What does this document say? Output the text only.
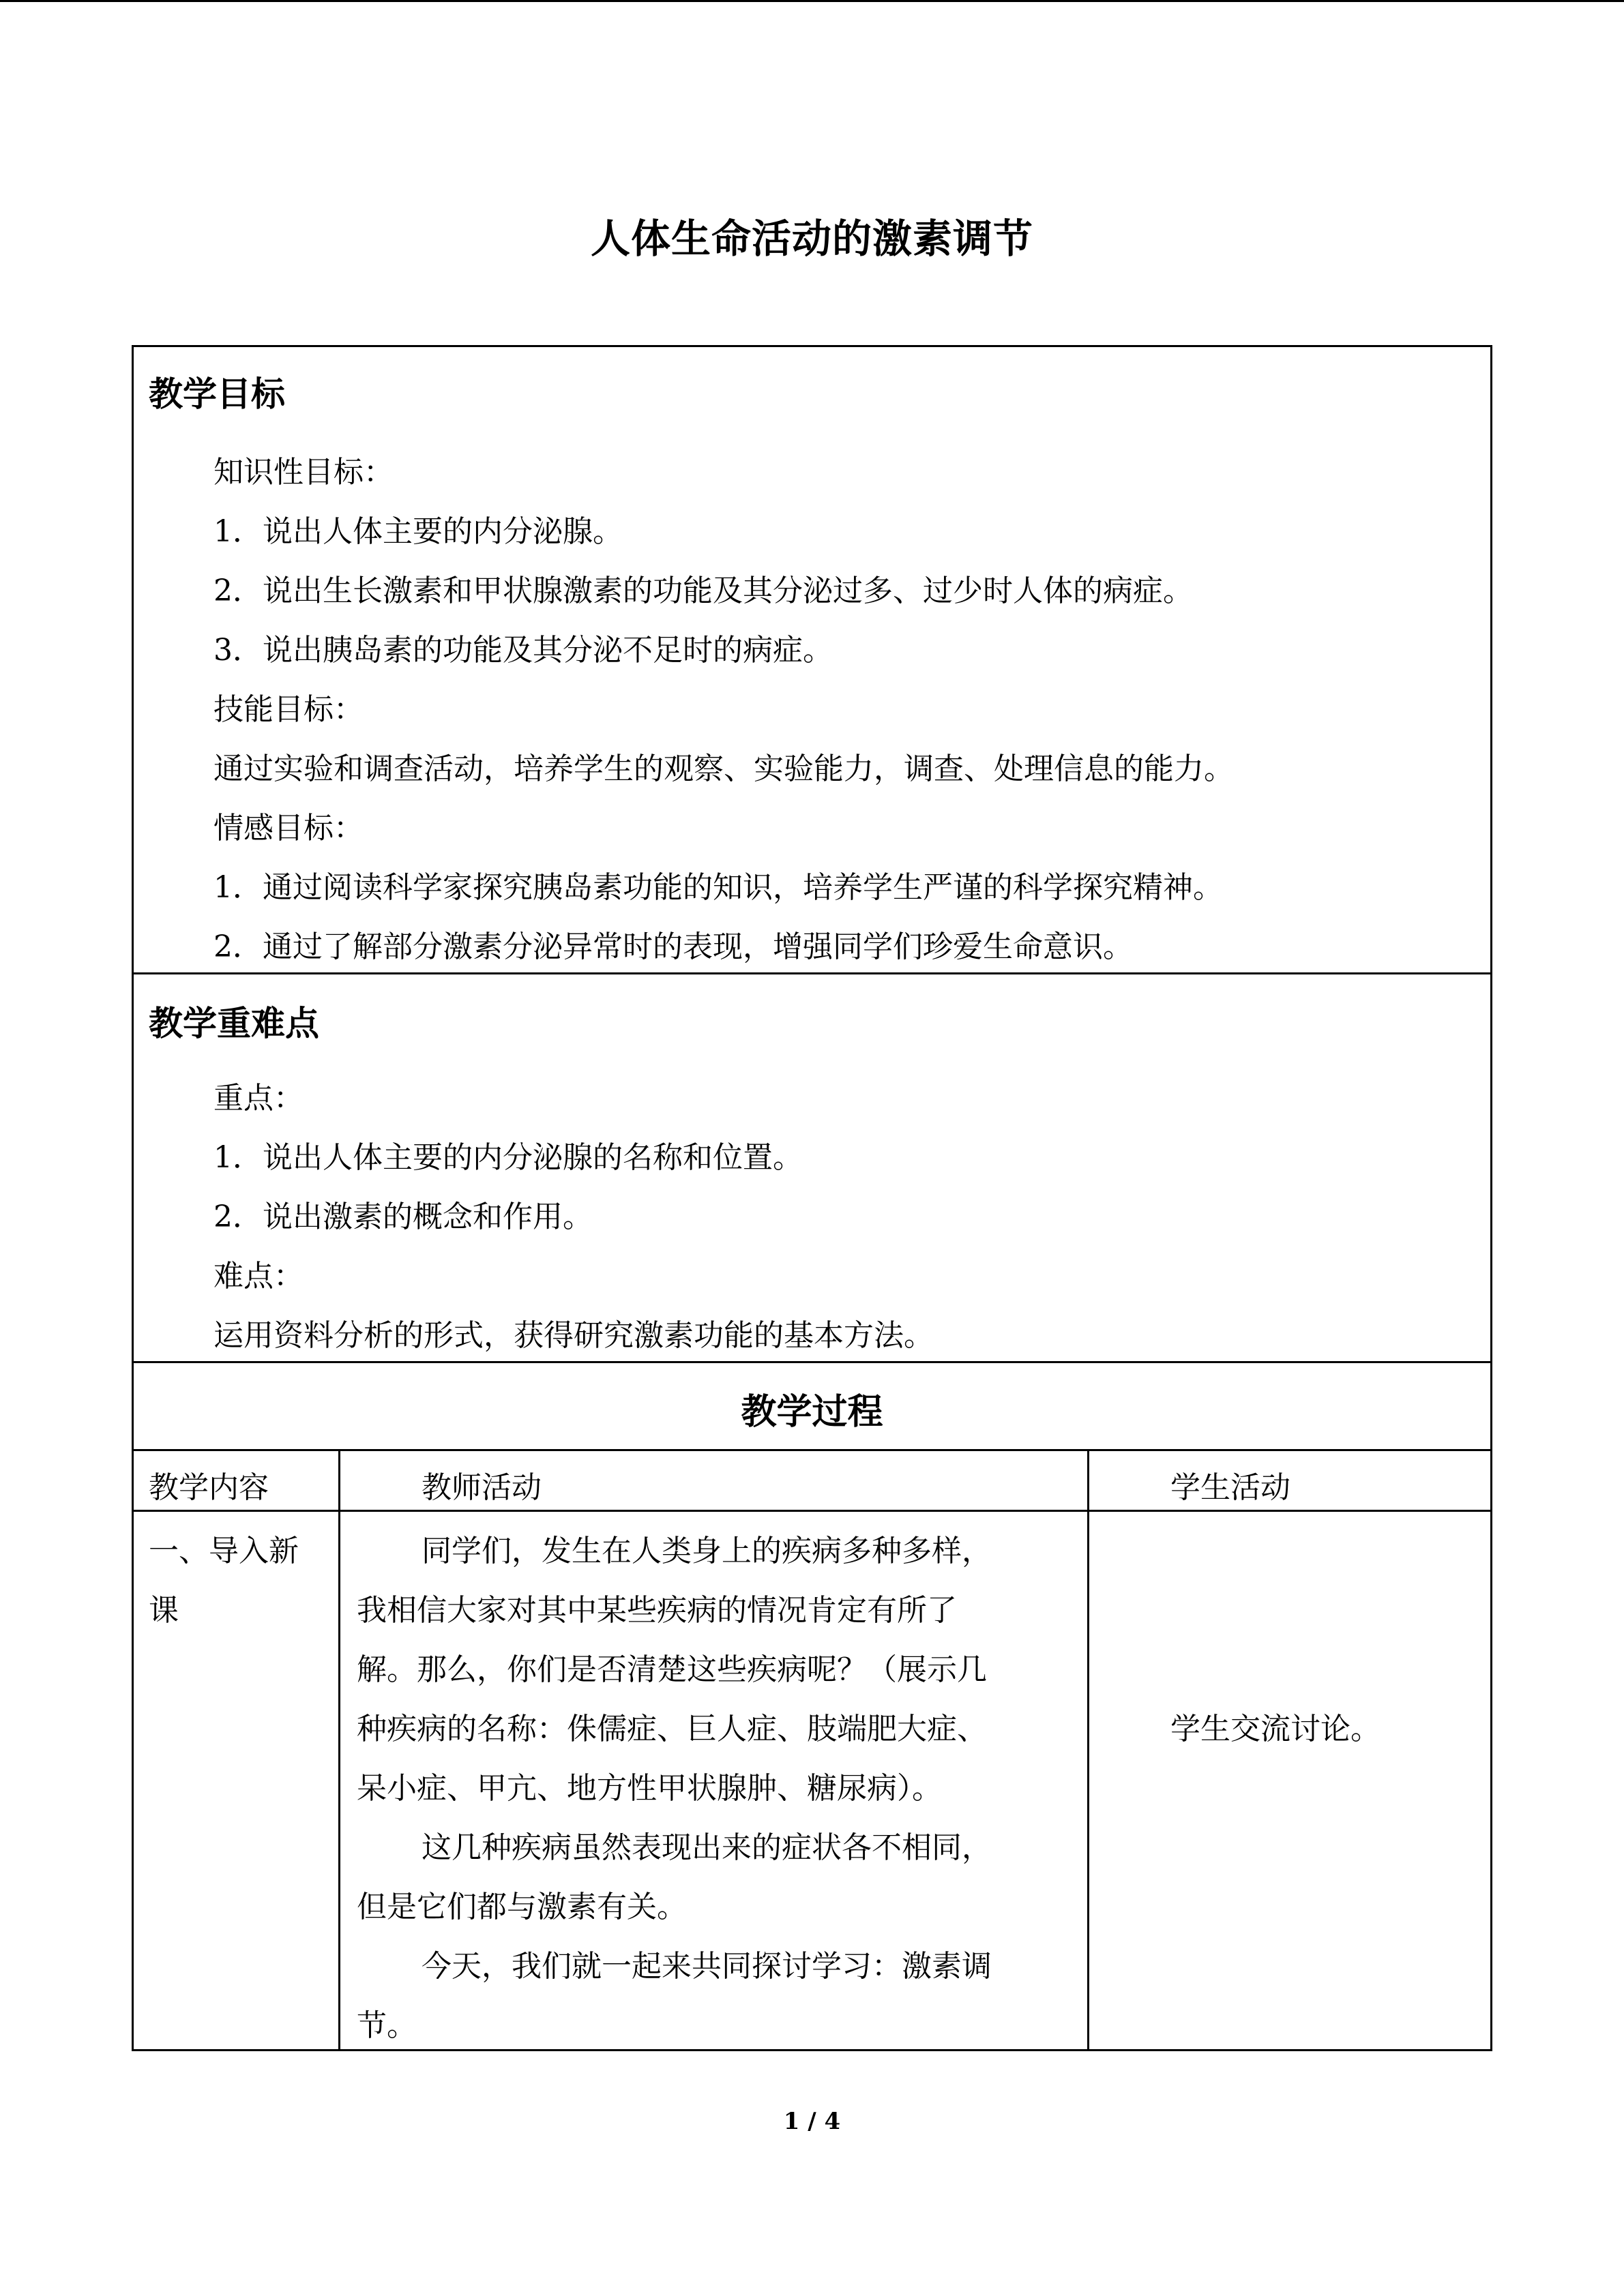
人体生命活动的激素调节
教学目标
知识性目标：
1．说出人体主要的内分泌腺。
2．说出生长激素和甲状腺激素的功能及其分泌过多、过少时人体的病症。
3．说出胰岛素的功能及其分泌不足时的病症。
技能目标：
通过实验和调查活动，培养学生的观察、实验能力，调查、处理信息的能力。
情感目标：
1．通过阅读科学家探究胰岛素功能的知识，培养学生严谨的科学探究精神。
2．通过了解部分激素分泌异常时的表现，增强同学们珍爱生命意识。
教学重难点
重点：
1．说出人体主要的内分泌腺的名称和位置。
2．说出激素的概念和作用。
难点：
运用资料分析的形式，获得研究激素功能的基本方法。
教学过程
教学内容	教师活动	学生活动
一、导入新
课
同学们，发生在人类身上的疾病多种多样，
我相信大家对其中某些疾病的情况肯定有所了
解。那么，你们是否清楚这些疾病呢？（展示几
种疾病的名称：侏儒症、巨人症、肢端肥大症、
呆小症、甲亢、地方性甲状腺肿、糖尿病）。
这几种疾病虽然表现出来的症状各不相同，
但是它们都与激素有关。
今天，我们就一起来共同探讨学习：激素调
节。
学生交流讨论。
1 / 4
